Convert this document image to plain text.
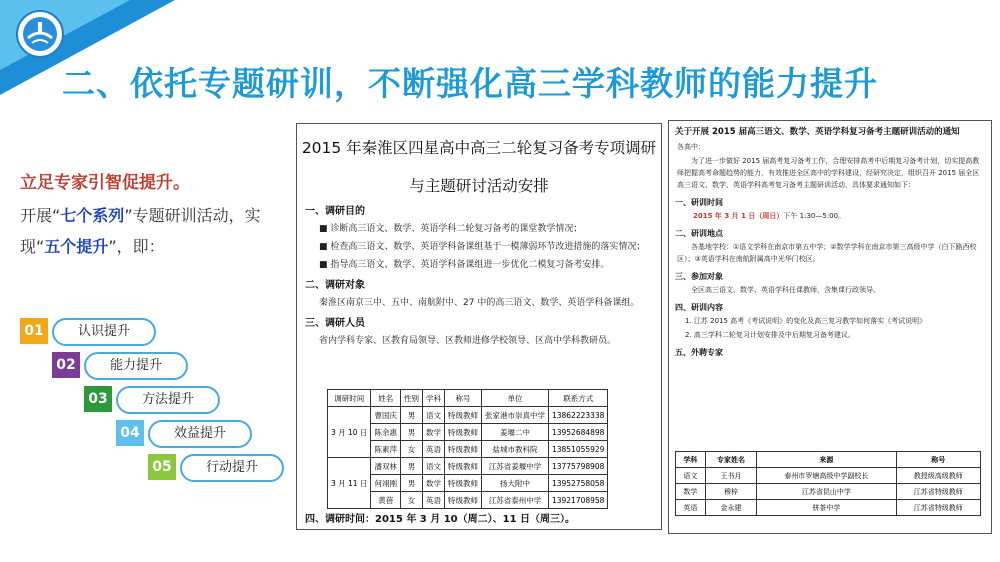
二、依托专题研训，不断强化高三学科教师的能力提升
立足专家引智促提升。
开展“七个系列”专题研训活动，实现“五个提升”，即：
01	认识提升
02	能力提升
03	方法提升
04	效益提升
05	行动提升
2015 年秦淮区四星高中高三二轮复习备考专项调研
与主题研讨活动安排
一、调研目的
■ 诊断高三语文、数学、英语学科二轮复习备考的课堂教学情况；
■ 检查高三语文、数学、英语学科备课组基于一模薄弱环节改进措施的落实情况；
■ 指导高三语文、数学、英语学科备课组进一步优化二模复习备考安排。
二、调研对象
秦淮区南京三中、五中、南航附中、27 中的高三语文、数学、英语学科备课组。
三、调研人员
省内学科专家、区教育局领导、区教师进修学校领导、区高中学科教研员。
调研时间	姓名	性别	学科	称号	单位	联系方式
3 月 10 日	曹国庆	男	语文	特级教师	张家港市崇真中学	13862223338
	陈余惠	男	数学	特级教师	姜堰二中	13952684898
	陈素萍	女	英语	特级教师	盐城市教科院	13851055929
3 月 11 日	潘双林	男	语文	特级教师	江苏省姜堰中学	13775798908
	何翊刚	男	数学	特级教师	扬大附中	13952758058
	黄蓓	女	英语	特级教师	江苏省泰州中学	13921708958
四、调研时间：2015 年 3 月 10（周二）、11 日（周三）。
关于开展 2015 届高三语文、数学、英语学科复习备考主题研训活动的通知
各高中：
为了进一步做好 2015 届高考复习备考工作，合理安排高考中后期复习备考计划，切实提高教师把握高考命题趋势的能力，有效推进全区高中的学科建设，经研究决定，组织召开 2015 届全区高三语文、数学、英语学科高考复习备考主题研训活动，具体要求通知如下：
一、研训时间
2015 年 3 月 1 日（周日）下午 1:30—5:00。
二、研训地点
各基地学校：①语文学科在南京市第五中学；②数学学科在南京市第三高级中学（白下路西校区）；③英语学科在南航附属高中光华门校区。
三、参加对象
全区高三语文、数学、英语学科任课教师，含集课行政领导。
四、研训内容
1. 江苏 2015 高考《考试说明》的变化及高三复习教学如何落实《考试说明》
2. 高三学科二轮复习计划安排及中后期复习备考建议。
五、外聘专家
学科	专家姓名	来源	称号
语文	王书月	泰州市罗塘高级中学副校长	教授级高级教师
数学	穆梓	江苏省昆山中学	江苏省特级教师
英语	金永建	栟茶中学	江苏省特级教师
